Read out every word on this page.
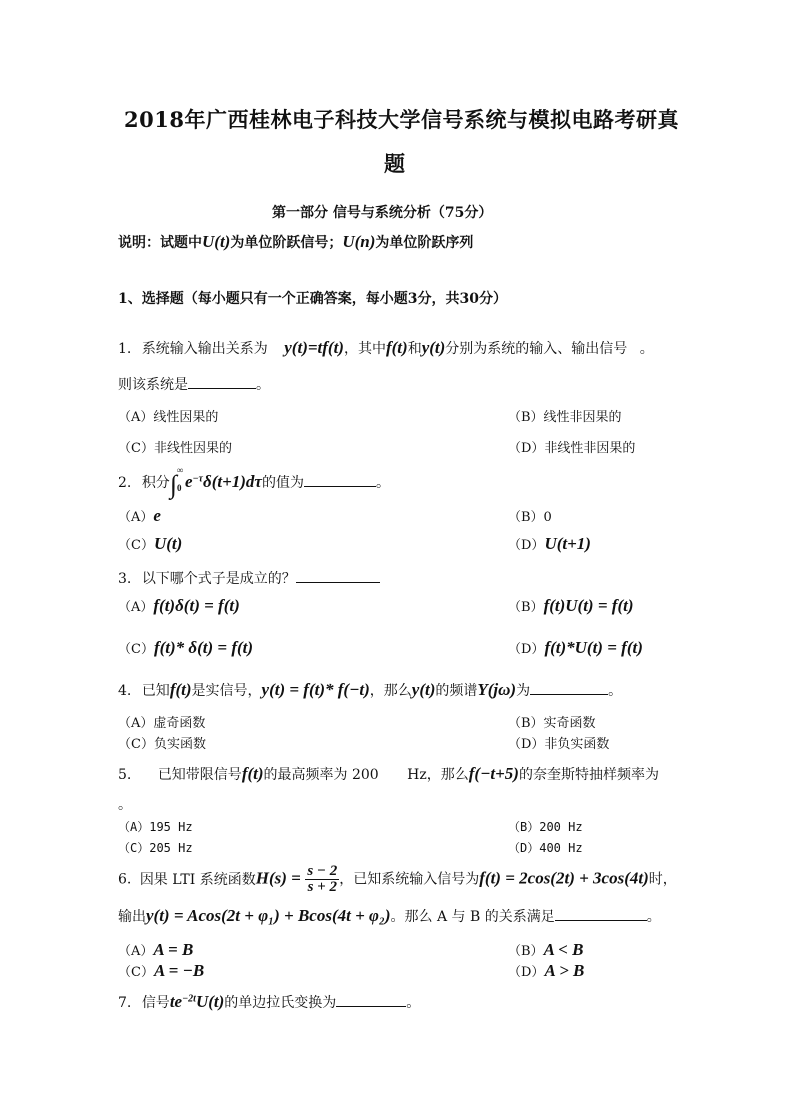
2018年广西桂林电子科技大学信号系统与模拟电路考研真
题
第一部分 信号与系统分析（75分）
说明：试题中U(t)为单位阶跃信号；U(n)为单位阶跃序列
1、选择题（每小题只有一个正确答案，每小题3分，共30分）
1. 系统输入输出关系为 y(t)=tf(t)，其中f(t)和y(t)分别为系统的输入、输出信号 。
则该系统是	。
（A）线性因果的	（B）线性非因果的
（C）非线性因果的	（D）非线性非因果的
2. 积分∫ ∞
0 $e^{-\tau}\delta(t+1)d\tau$的值为	。
（A）e	（B）0
（C）U(t)	（D）U(t+1)
3. 以下哪个式子是成立的？
（A）f(t)δ(t) = f(t)	（B）f(t)U(t) = f(t)
（C）f(t)* δ(t) = f(t)	（D）f(t)*U(t) = f(t)
4. 已知f(t)是实信号，y(t) = f(t)* f(−t)，那么y(t)的频谱Y(jω)为	。
（A）虚奇函数	（B）实奇函数
（C）负实函数	（D）非负实函数
5. 已知带限信号f(t)的最高频率为 200 Hz，那么f(−t+5)的奈奎斯特抽样频率为
。
（A）195 Hz	（B）200 Hz
（C）205 Hz	（D）400 Hz
6. 因果 LTI 系统函数$H(s) = \frac{s - 2}{s + 2}$ ，已知系统输入信号为f(t) = 2cos(2t) + 3cos(4t)时，
输出y(t) = Acos(2t + φ₁) + Bcos(4t + φ₂)。那么 A 与 B 的关系满足	。
（A）A = B	（B）A < B
（C）A = −B	（D）A > B
7. 信号$te^{-2t}U(t)$的单边拉氏变换为	。
